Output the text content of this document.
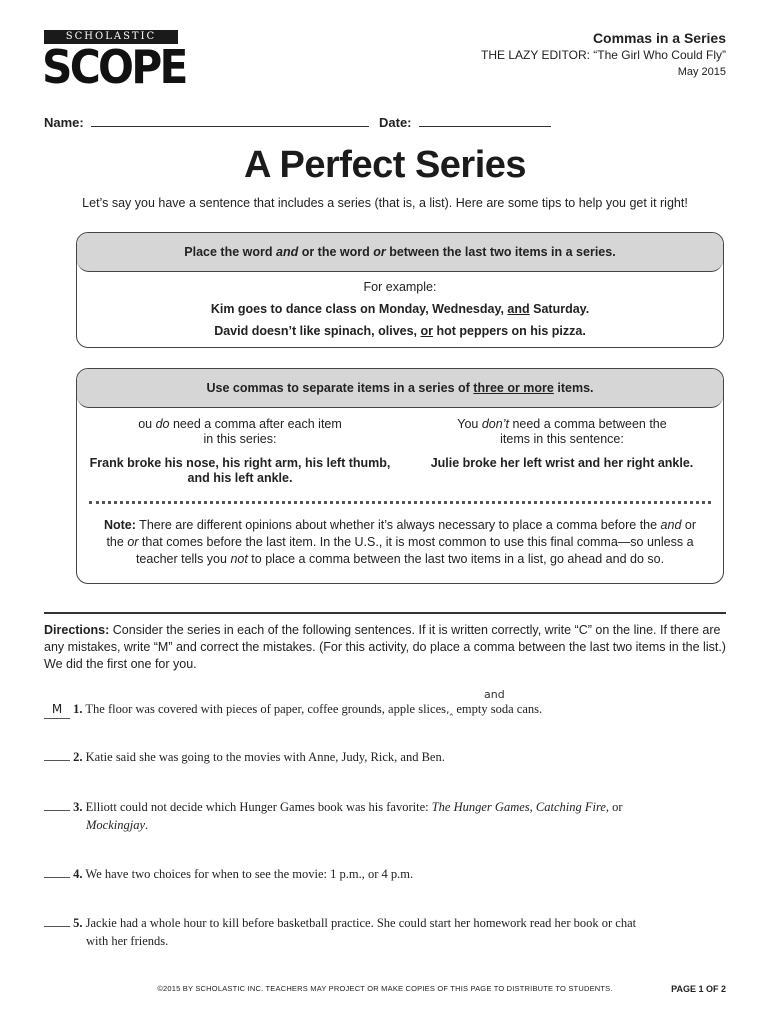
SCHOLASTIC
SCOPE
Commas in a Series
THE LAZY EDITOR: “The Girl Who Could Fly”
May 2015
Name:	Date:
A Perfect Series
Let’s say you have a sentence that includes a series (that is, a list). Here are some tips to help you get it right!
Place the word and or the word or between the last two items in a series.
For example:
Kim goes to dance class on Monday, Wednesday, and Saturday.
David doesn’t like spinach, olives, or hot peppers on his pizza.
Use commas to separate items in a series of three or more items.
ou do need a comma after each item
in this series:
Frank broke his nose, his right arm, his left thumb,
and his left ankle.
You don’t need a comma between the
items in this sentence:
Julie broke her left wrist and her right ankle.
Note: There are different opinions about whether it’s always necessary to place a comma before the and or
the or that comes before the last item. In the U.S., it is most common to use this final comma—so unless a
teacher tells you not to place a comma between the last two items in a list, go ahead and do so.
Directions: Consider the series in each of the following sentences. If it is written correctly, write “C” on the line. If there are any mistakes, write “M” and correct the mistakes. (For this activity, do place a comma between the last two items in the list.) We did the first one for you.
and
M 1. The floor was covered with pieces of paper, coffee grounds, apple slices,‸ empty soda cans.
2. Katie said she was going to the movies with Anne, Judy, Rick, and Ben.
3. Elliott could not decide which Hunger Games book was his favorite: The Hunger Games, Catching Fire, or
Mockingjay.
4. We have two choices for when to see the movie: 1 p.m., or 4 p.m.
5. Jackie had a whole hour to kill before basketball practice. She could start her homework read her book or chat
with her friends.
©2015 BY SCHOLASTIC INC. TEACHERS MAY PROJECT OR MAKE COPIES OF THIS PAGE TO DISTRIBUTE TO STUDENTS.	PAGE 1 OF 2
